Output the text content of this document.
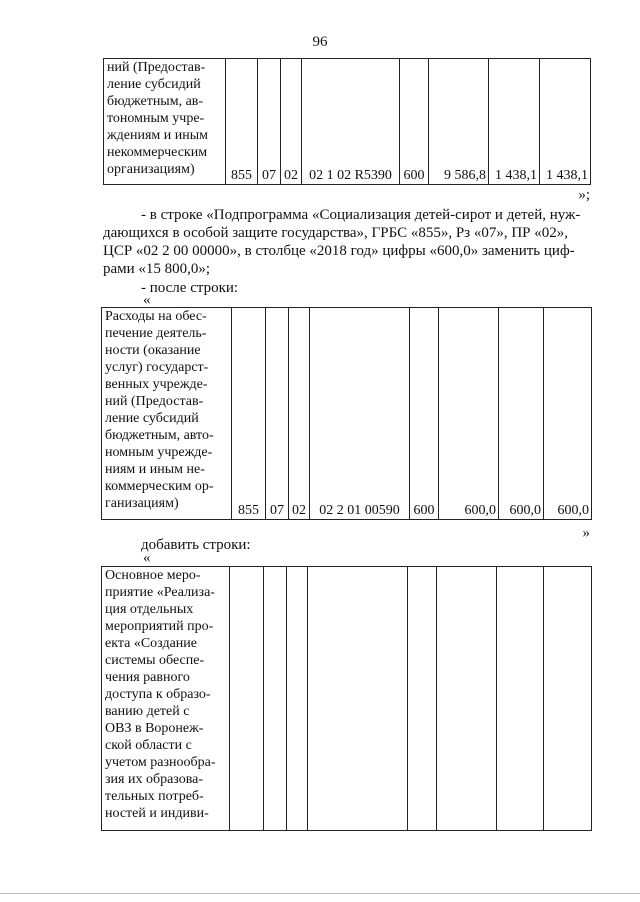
96
ний (Предостав-
ление субсидий
бюджетным, ав-
тономным учре-
ждениям и иным
некоммерческим
организациям)	855	07	02	02 1 02 R5390	600	9 586,8	1 438,1	1 438,1
»;
- в строке «Подпрограмма «Социализация детей-сирот и детей, нуж-
дающихся в особой защите государства», ГРБС «855», Рз «07», ПР «02»,
ЦСР «02 2 00 00000», в столбце «2018 год» цифры «600,0» заменить циф-
рами «15 800,0»;
- после строки:
«
Расходы на обес-
печение деятель-
ности (оказание
услуг) государст-
венных учрежде-
ний (Предостав-
ление субсидий
бюджетным, авто-
номным учрежде-
ниям и иным не-
коммерческим ор-
ганизациям)	855	07	02	02 2 01 00590	600	600,0	600,0	600,0
»
добавить строки:
«
Основное меро-
приятие «Реализа-
ция отдельных
мероприятий про-
екта «Создание
системы обеспе-
чения равного
доступа к образо-
ванию детей с
ОВЗ в Воронеж-
ской области с
учетом разнообра-
зия их образова-
тельных потреб-
ностей и индиви-
